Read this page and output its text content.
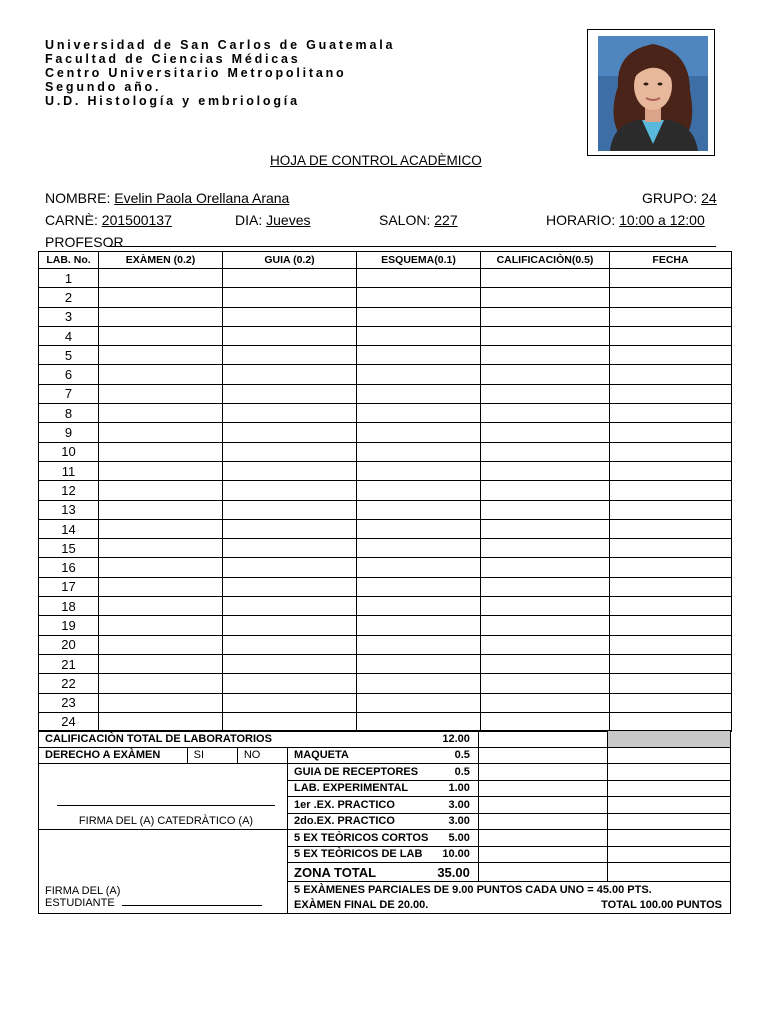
Universidad de San Carlos de Guatemala
Facultad de Ciencias Médicas
Centro Universitario Metropolitano
Segundo año.
U.D. Histología y embriología
HOJA DE CONTROL ACADÈMICO
NOMBRE: Evelin Paola Orellana Arana	GRUPO: 24
CARNÈ: 201500137	DIA: Jueves	SALON: 227	HORARIO: 10:00 a 12:00
PROFESOR
LAB. No.	EXÀMEN (0.2)	GUIA (0.2)	ESQUEMA(0.1)	CALIFICACIÒN(0.5)	FECHA
1					
2					
3					
4					
5					
6					
7					
8					
9					
10					
11					
12					
13					
14					
15					
16					
17					
18					
19					
20					
21					
22					
23					
24					
CALIFICACIÒN TOTAL DE LABORATORIOS 12.00					

DERECHO A EXÀMEN	SI	NO	MAQUETA 0.5		

FIRMA DEL (A) CATEDRÀTICO (A)			GUIA DE RECEPTORES 0.5		

			LAB. EXPERIMENTAL 1.00		

			1er .EX. PRACTICO 3.00		

			2do.EX. PRACTICO 3.00		

FIRMA DEL (A)
ESTUDIANTE			5 EX TEÒRICOS CORTOS 5.00		

			5 EX TEÒRICOS DE LAB 10.00		

			ZONA TOTAL 35.00		

			5 EXÀMENES PARCIALES DE 9.00 PUNTOS CADA UNO = 45.00 PTS.		
			EXÀMEN FINAL DE 20.00. TOTAL 100.00 PUNTOS		
